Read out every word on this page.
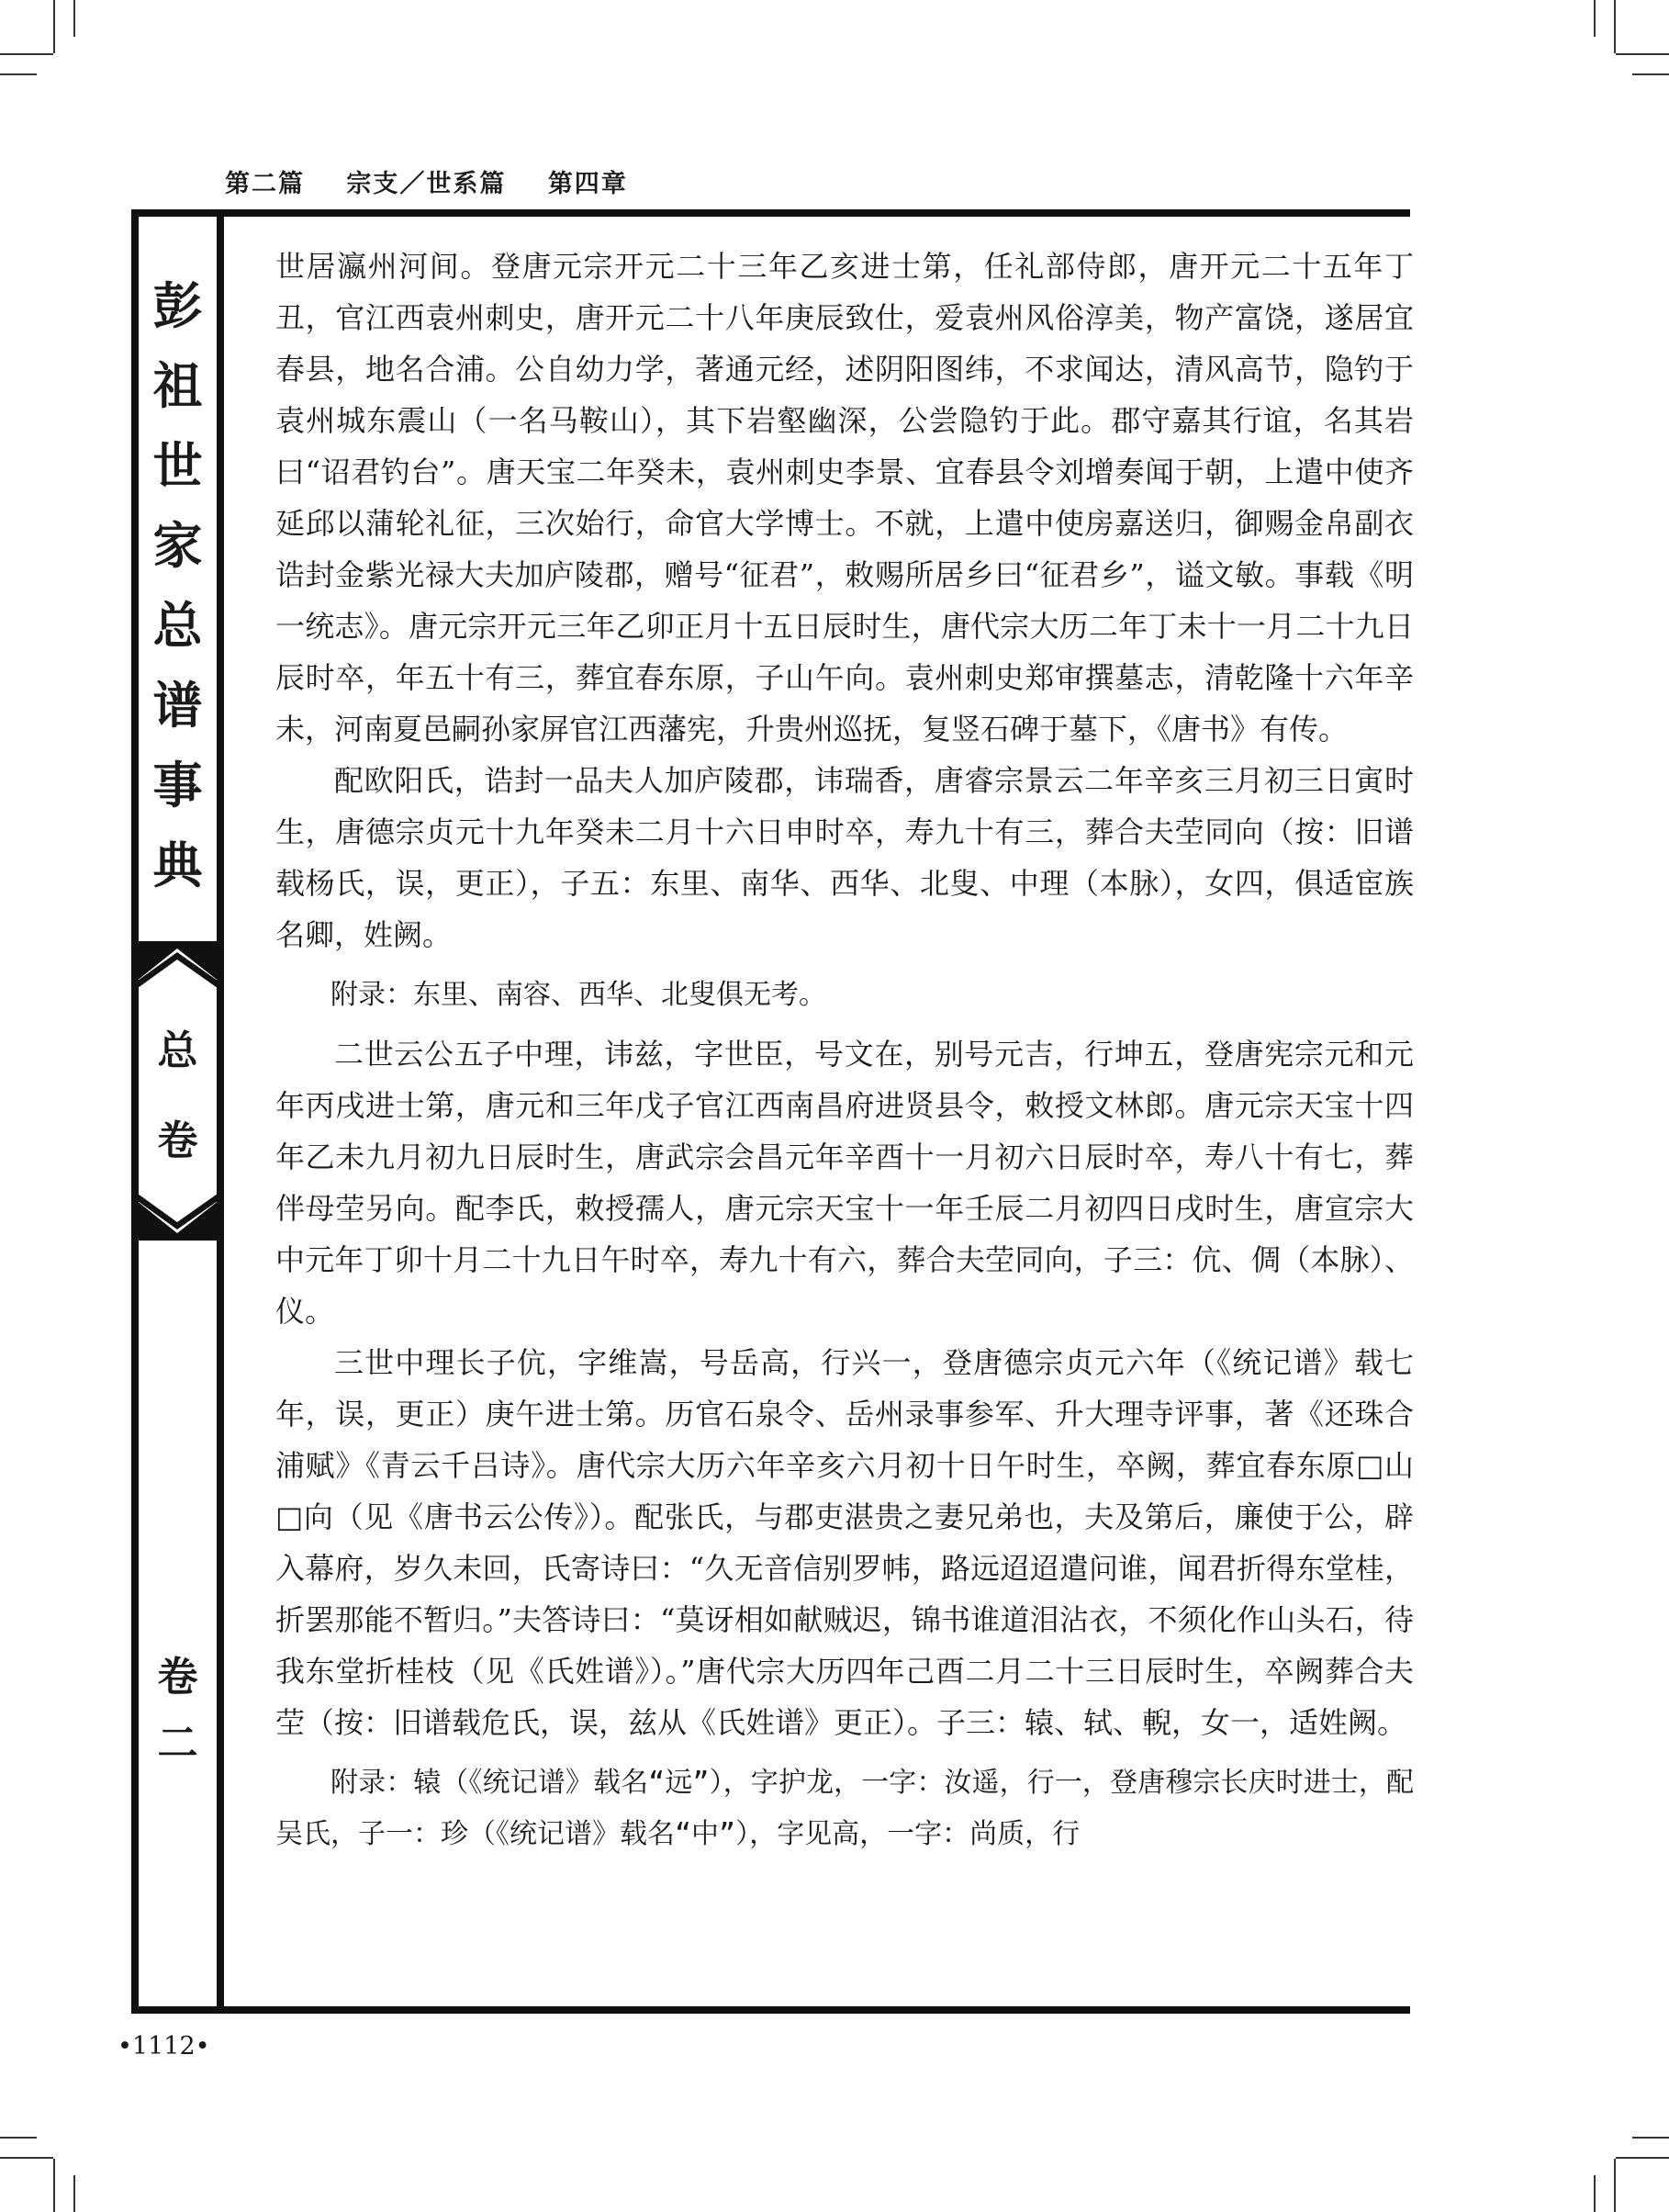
第二篇 宗支／世系篇 第四章
彭
祖
世
家
总
谱
事
典
总
卷
卷
二

世居瀛州河间。登唐元宗开元二十三年乙亥进士第，任礼部侍郎，唐开元二十五年丁丑，官江西袁州刺史，唐开元二十八年庚辰致仕，爱袁州风俗淳美，物产富饶，遂居宜春县，地名合浦。公自幼力学，著通元经，述阴阳图纬，不求闻达，清风高节，隐钓于袁州城东震山（一名马鞍山），其下岩壑幽深，公尝隐钓于此。郡守嘉其行谊，名其岩曰“诏君钓台”。唐天宝二年癸未，袁州刺史李景、宜春县令刘增奏闻于朝，上遣中使齐延邱以蒲轮礼征，三次始行，命官大学博士。不就，上遣中使房嘉送归，御赐金帛副衣诰封金紫光禄大夫加庐陵郡，赠号“征君”，敕赐所居乡曰“征君乡”，谥文敏。事载《明一统志》。唐元宗开元三年乙卯正月十五日辰时生，唐代宗大历二年丁未十一月二十九日辰时卒，年五十有三，葬宜春东原，子山午向。袁州刺史郑审撰墓志，清乾隆十六年辛未，河南夏邑嗣孙家屏官江西藩宪，升贵州巡抚，复竖石碑于墓下，《唐书》有传。

配欧阳氏，诰封一品夫人加庐陵郡，讳瑞香，唐睿宗景云二年辛亥三月初三日寅时生，唐德宗贞元十九年癸未二月十六日申时卒，寿九十有三，葬合夫茔同向（按：旧谱载杨氏，误，更正），子五：东里、南华、西华、北叟、中理（本脉），女四，俱适宦族名卿，姓阙。

附录：东里、南容、西华、北叟俱无考。

二世云公五子中理，讳兹，字世臣，号文在，别号元吉，行坤五，登唐宪宗元和元年丙戌进士第，唐元和三年戊子官江西南昌府进贤县令，敕授文林郎。唐元宗天宝十四年乙未九月初九日辰时生，唐武宗会昌元年辛酉十一月初六日辰时卒，寿八十有七，葬伴母茔另向。配李氏，敕授孺人，唐元宗天宝十一年壬辰二月初四日戌时生，唐宣宗大中元年丁卯十月二十九日午时卒，寿九十有六，葬合夫茔同向，子三：伉、倜（本脉）、仪。

三世中理长子伉，字维嵩，号岳高，行兴一，登唐德宗贞元六年（《统记谱》载七年，误，更正）庚午进士第。历官石泉令、岳州录事参军、升大理寺评事，著《还珠合浦赋》《青云千吕诗》。唐代宗大历六年辛亥六月初十日午时生，卒阙，葬宜春东原□山□向（见《唐书云公传》）。配张氏，与郡吏湛贵之妻兄弟也，夫及第后，廉使于公，辟入幕府，岁久未回，氏寄诗曰：“久无音信别罗帏，路远迢迢遣问谁，闻君折得东堂桂，折罢那能不暂归。”夫答诗曰：“莫讶相如献贼迟，锦书谁道泪沾衣，不须化作山头石，待我东堂折桂枝（见《氏姓谱》）。”唐代宗大历四年己酉二月二十三日辰时生，卒阙葬合夫茔（按：旧谱载危氏，误，兹从《氏姓谱》更正）。子三：辕、轼、輗，女一，适姓阙。

附录：辕（《统记谱》载名“远”），字护龙，一字：汝遥，行一，登唐穆宗长庆时进士，配吴氏，子一：珍（《统记谱》载名“中”），字见高，一字：尚质，行

•1112•
